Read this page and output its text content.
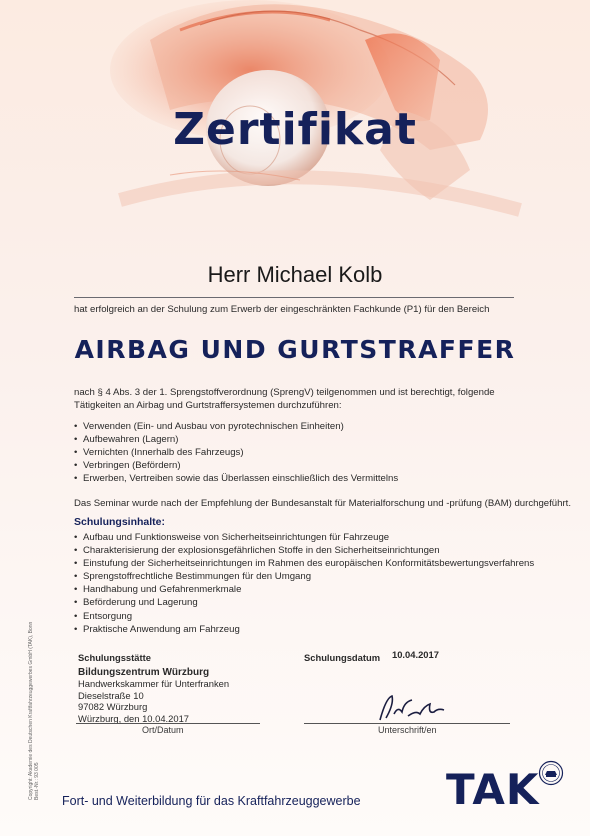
Zertifikat
Herr Michael Kolb
hat erfolgreich an der Schulung zum Erwerb der eingeschränkten Fachkunde (P1) für den Bereich
AIRBAG UND GURTSTRAFFER
nach § 4 Abs. 3 der 1. Sprengstoffverordnung (SprengV) teilgenommen und ist berechtigt, folgende
Tätigkeiten an Airbag und Gurtstraffersystemen durchzuführen:
• Verwenden (Ein- und Ausbau von pyrotechnischen Einheiten)
• Aufbewahren (Lagern)
• Vernichten (Innerhalb des Fahrzeugs)
• Verbringen (Befördern)
• Erwerben, Vertreiben sowie das Überlassen einschließlich des Vermittelns
Das Seminar wurde nach der Empfehlung der Bundesanstalt für Materialforschung und -prüfung (BAM) durchgeführt.
Schulungsinhalte:
• Aufbau und Funktionsweise von Sicherheitseinrichtungen für Fahrzeuge
• Charakterisierung der explosionsgefährlichen Stoffe in den Sicherheitseinrichtungen
• Einstufung der Sicherheitseinrichtungen im Rahmen des europäischen Konformitätsbewertungsverfahrens
• Sprengstoffrechtliche Bestimmungen für den Umgang
• Handhabung und Gefahrenmerkmale
• Beförderung und Lagerung
• Entsorgung
• Praktische Anwendung am Fahrzeug
Schulungsstätte	Schulungsdatum 10.04.2017
Bildungszentrum Würzburg
Handwerkskammer für Unterfranken
Dieselstraße 10
97082 Würzburg
Würzburg, den 10.04.2017
Ort/Datum	Unterschrift/en
Copyright: Akademie des Deutschen Kraftfahrzeuggewerbes GmbH (TAK), Bonn Best.-Nr.: 93 005
Fort- und Weiterbildung für das Kraftfahrzeuggewerbe TAK
